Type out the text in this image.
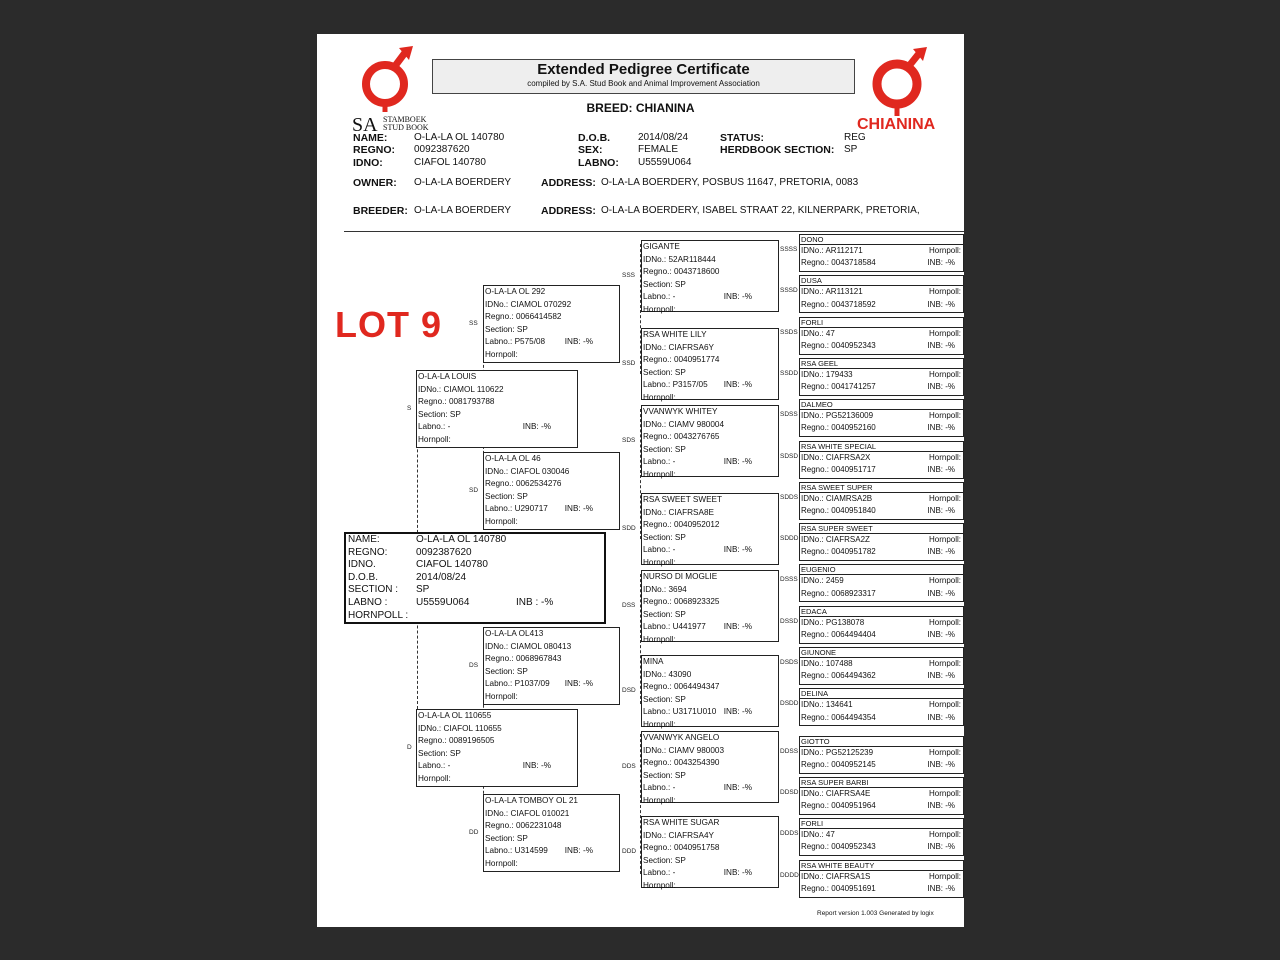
SA STAMBOEK
STUD BOOK	CHIANINA
Extended Pedigree Certificate
compiled by S.A. Stud Book and Animal Improvement Association
BREED: CHIANINA
NAME:	O-LA-LA OL 140780
REGNO: 0092387620
IDNO:	CIAFOL 140780
D.O.B.	2014/08/24
SEX:	FEMALE
LABNO: U5559U064
STATUS:	REG
HERDBOOK SECTION: SP
OWNER: O-LA-LA BOERDERY	ADDRESS: O-LA-LA BOERDERY, POSBUS 11647, PRETORIA, 0083
BREEDER: O-LA-LA BOERDERY	ADDRESS: O-LA-LA BOERDERY, ISABEL STRAAT 22, KILNERPARK, PRETORIA,
LOT 9
NAME:	O-LA-LA OL 140780
REGNO:	0092387620
IDNO.	CIAFOL 140780
D.O.B.	2014/08/24
SECTION : SP
LABNO :	U5559U064	INB : -%
HORNPOLL :
O-LA-LA LOUIS
IDNo.: CIAMOL 110622
Regno.: 0081793788
Section: SP
Labno.: -	INB: -%
Hornpoll:
S
O-LA-LA OL 110655
IDNo.: CIAFOL 110655
Regno.: 0089196505
Section: SP
Labno.: -	INB: -%
Hornpoll:
D
O-LA-LA OL 292
IDNo.: CIAMOL 070292
Regno.: 0066414582
Section: SP
Labno.: P575/08 INB: -%
Hornpoll:
SS
O-LA-LA OL 46
IDNo.: CIAFOL 030046
Regno.: 0062534276
Section: SP
Labno.: U290717 INB: -%
Hornpoll:
SD
O-LA-LA OL413
IDNo.: CIAMOL 080413
Regno.: 0068967843
Section: SP
Labno.: P1037/09 INB: -%
Hornpoll:
DS
O-LA-LA TOMBOY OL 21
IDNo.: CIAFOL 010021
Regno.: 0062231048
Section: SP
Labno.: U314599 INB: -%
Hornpoll:
DD
GIGANTE
IDNo.: 52AR118444
Regno.: 0043718600
Section: SP
Labno.: -	INB: -%
Hornpoll:
SSS
RSA WHITE LILY
IDNo.: CIAFRSA6Y
Regno.: 0040951774
Section: SP
Labno.: P3157/05 INB: -%
Hornpoll:
SSD
VVANWYK WHITEY
IDNo.: CIAMV 980004
Regno.: 0043276765
Section: SP
Labno.: -	INB: -%
Hornpoll:
SDS
RSA SWEET SWEET
IDNo.: CIAFRSA8E
Regno.: 0040952012
Section: SP
Labno.: -	INB: -%
Hornpoll:
SDD
NURSO DI MOGLIE
IDNo.: 3694
Regno.: 0068923325
Section: SP
Labno.: U441977 INB: -%
Hornpoll:
DSS
MINA
IDNo.: 43090
Regno.: 0064494347
Section: SP
Labno.: U3171U010 INB: -%
Hornpoll:
DSD
VVANWYK ANGELO
IDNo.: CIAMV 980003
Regno.: 0043254390
Section: SP
Labno.: -	INB: -%
Hornpoll:
DDS
RSA WHITE SUGAR
IDNo.: CIAFRSA4Y
Regno.: 0040951758
Section: SP
Labno.: -	INB: -%
Hornpoll:
DDD
DONO
IDNo.: AR112171	Hornpoll:
Regno.: 0043718584	INB: -%
SSSS
DUSA
IDNo.: AR113121	Hornpoll:
Regno.: 0043718592	INB: -%
SSSD
FORLI
IDNo.: 47	Hornpoll:
Regno.: 0040952343	INB: -%
SSDS
RSA GEEL
IDNo.: 179433	Hornpoll:
Regno.: 0041741257	INB: -%
SSDD
DALMEO
IDNo.: PG52136009	Hornpoll:
Regno.: 0040952160	INB: -%
SDSS
RSA WHITE SPECIAL
IDNo.: CIAFRSA2X	Hornpoll:
Regno.: 0040951717	INB: -%
SDSD
RSA SWEET SUPER
IDNo.: CIAMRSA2B	Hornpoll:
Regno.: 0040951840	INB: -%
SDDS
RSA SUPER SWEET
IDNo.: CIAFRSA2Z	Hornpoll:
Regno.: 0040951782	INB: -%
SDDD
EUGENIO
IDNo.: 2459	Hornpoll:
Regno.: 0068923317	INB: -%
DSSS
EDACA
IDNo.: PG138078	Hornpoll:
Regno.: 0064494404	INB: -%
DSSD
GIUNONE
IDNo.: 107488	Hornpoll:
Regno.: 0064494362	INB: -%
DSDS
DELINA
IDNo.: 134641	Hornpoll:
Regno.: 0064494354	INB: -%
DSDD
GIOTTO
IDNo.: PG52125239	Hornpoll:
Regno.: 0040952145	INB: -%
DDSS
RSA SUPER BARBI
IDNo.: CIAFRSA4E	Hornpoll:
Regno.: 0040951964	INB: -%
DDSD
FORLI
IDNo.: 47	Hornpoll:
Regno.: 0040952343	INB: -%
DDDS
RSA WHITE BEAUTY
IDNo.: CIAFRSA1S	Hornpoll:
Regno.: 0040951691	INB: -%
DDDD
Report version 1.003 Generated by logix
